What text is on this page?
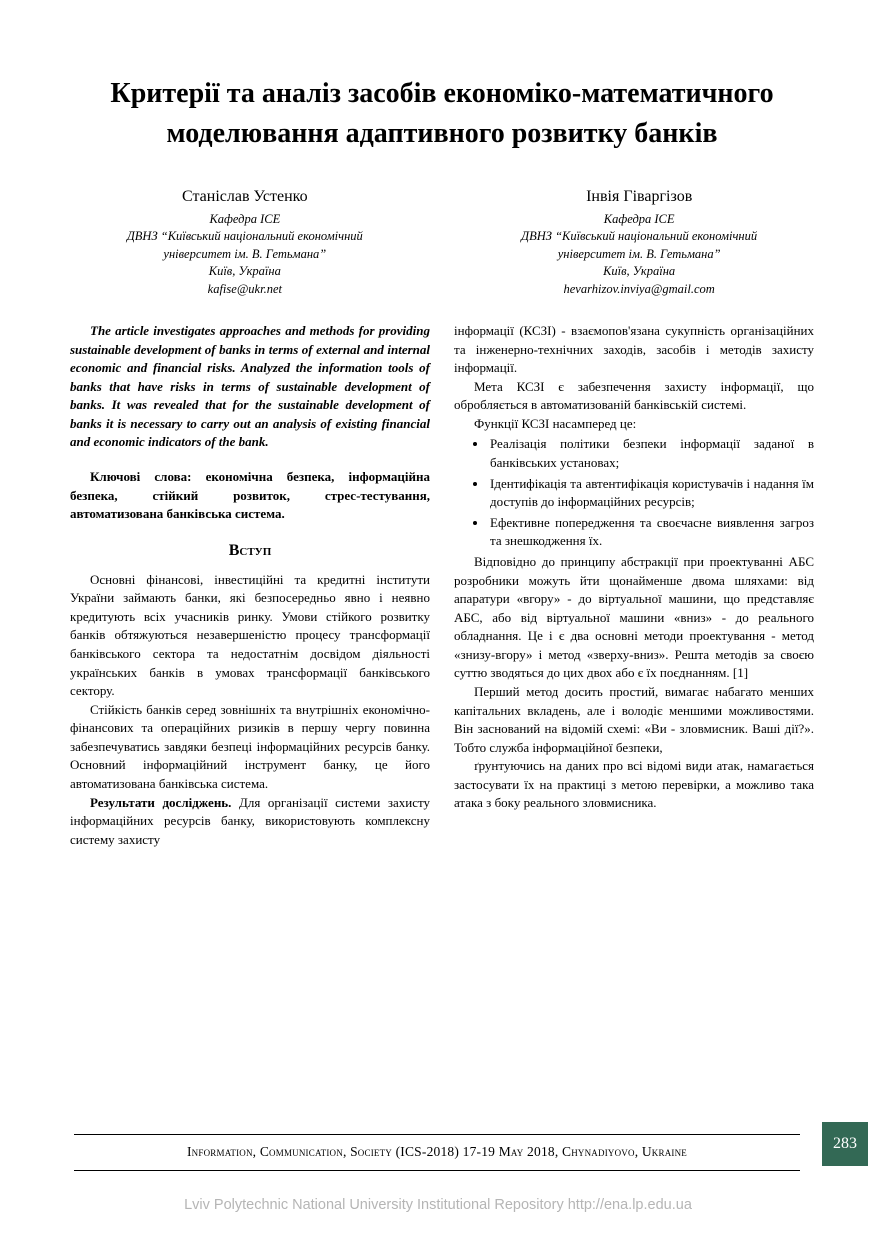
Критерії та аналіз засобів економіко-математичного моделювання адаптивного розвитку банків
Станіслав Устенко
Кафедра ІСЕ
ДВНЗ “Київський національний економічний університет ім. В. Гетьмана”
Київ, Україна
kafise@ukr.net
Інвія Гіваргізов
Кафедра ІСЕ
ДВНЗ “Київський національний економічний університет ім. В. Гетьмана”
Київ, Україна
hevarhizov.inviya@gmail.com

The article investigates approaches and methods for providing sustainable development of banks in terms of external and internal economic and financial risks. Analyzed the information tools of banks that have risks in terms of sustainable development of banks. It was revealed that for the sustainable development of banks it is necessary to carry out an analysis of existing financial and economic indicators of the bank.

Ключові слова: економічна безпека, інформаційна безпека, стійкий розвиток, стрес-тестування, автоматизована банківська система.

Вступ

Основні фінансові, інвестиційні та кредитні інститути України займають банки, які безпосередньо явно і неявно кредитують всіх учасників ринку. Умови стійкого розвитку банків обтяжуються незавершеністю процесу трансформації банківського сектора та недостатнім досвідом діяльності українських банків в умовах трансформації банківського сектору.

Стійкість банків серед зовнішніх та внутрішніх економічно-фінансових та операційних ризиків в першу чергу повинна забезпечуватись завдяки безпеці інформаційних ресурсів банку. Основний інформаційний інструмент банку, це його автоматизована банківська система.

Результати досліджень. Для організації системи захисту інформаційних ресурсів банку, використовують комплексну систему захисту

інформації (КСЗІ) - взаємопов'язана сукупність організаційних та інженерно-технічних заходів, засобів і методів захисту інформації.

Мета КСЗІ є забезпечення захисту інформації, що обробляється в автоматизованій банківській системі.

Функції КСЗІ насамперед це:

• Реалізація політики безпеки інформації заданої в банківських установах;
• Ідентифікація та автентифікація користувачів і надання їм доступів до інформаційних ресурсів;
• Ефективне попередження та своєчасне виявлення загроз та знешкодження їх.

Відповідно до принципу абстракції при проектуванні АБС розробники можуть йти щонайменше двома шляхами: від апаратури «вгору» - до віртуальної машини, що представляє АБС, або від віртуальної машини «вниз» - до реального обладнання. Це і є два основні методи проектування - метод «знизу-вгору» і метод «зверху-вниз». Решта методів за своєю суттю зводяться до цих двох або є їх поєднанням. [1]

Перший метод досить простий, вимагає набагато менших капітальних вкладень, але і володіє меншими можливостями. Він заснований на відомій схемі: «Ви - зловмисник. Ваші дії?». Тобто служба інформаційної безпеки,

ґрунтуючись на даних про всі відомі види атак, намагається застосувати їх на практиці з метою перевірки, а можливо така атака з боку реального зловмисника.

Information, Communication, Society (ICS-2018) 17-19 May 2018, Chynadiyovo, Ukraine	283
Lviv Polytechnic National University Institutional Repository http://ena.lp.edu.ua
